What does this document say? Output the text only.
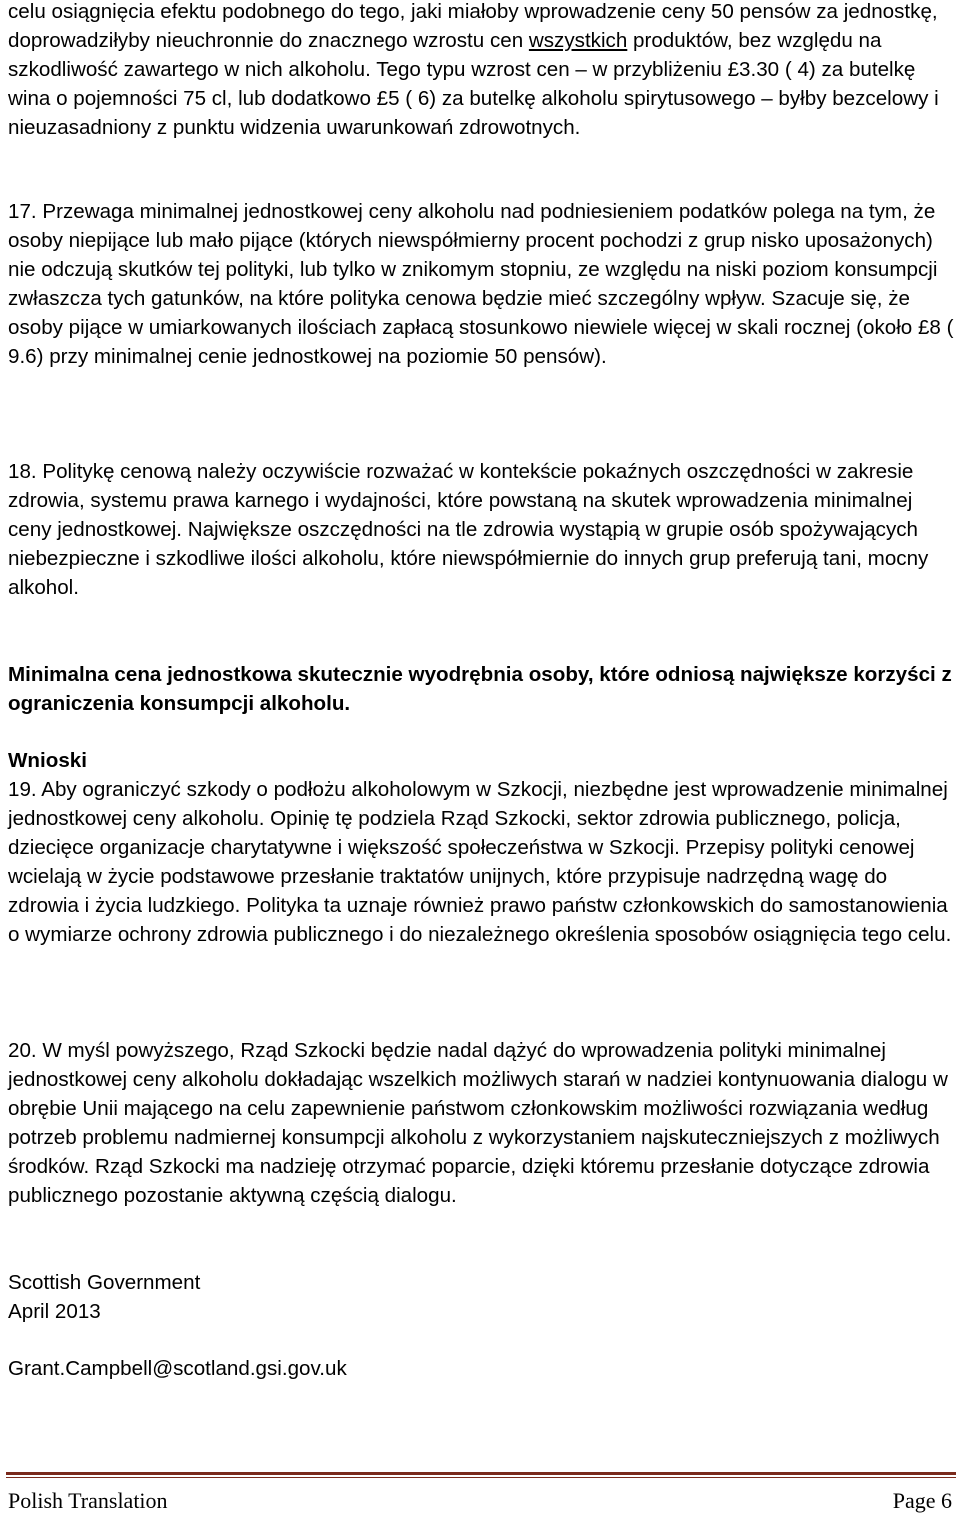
celu osiągnięcia efektu podobnego do tego, jaki miałoby wprowadzenie ceny 50 pensów za jednostkę, doprowadziłyby nieuchronnie do znacznego wzrostu cen wszystkich produktów, bez względu na szkodliwość zawartego w nich alkoholu. Tego typu wzrost cen – w przybliżeniu £3.30 ( 4) za butelkę wina o pojemności 75 cl, lub dodatkowo £5 ( 6) za butelkę alkoholu spirytusowego – byłby bezcelowy i nieuzasadniony z punktu widzenia uwarunkowań zdrowotnych.

17. Przewaga minimalnej jednostkowej ceny alkoholu nad podniesieniem podatków polega na tym, że osoby niepijące lub mało pijące (których niewspółmierny procent pochodzi z grup nisko uposażonych) nie odczują skutków tej polityki, lub tylko w znikomym stopniu, ze względu na niski poziom konsumpcji zwłaszcza tych gatunków, na które polityka cenowa będzie mieć szczególny wpływ. Szacuje się, że osoby pijące w umiarkowanych ilościach zapłacą stosunkowo niewiele więcej w skali rocznej (około £8 ( 9.6) przy minimalnej cenie jednostkowej na poziomie 50 pensów).

18. Politykę cenową należy oczywiście rozważać w kontekście pokaźnych oszczędności w zakresie zdrowia, systemu prawa karnego i wydajności, które powstaną na skutek wprowadzenia minimalnej ceny jednostkowej. Największe oszczędności na tle zdrowia wystąpią w grupie osób spożywających niebezpieczne i szkodliwe ilości alkoholu, które niewspółmiernie do innych grup preferują tani, mocny alkohol.

Minimalna cena jednostkowa skutecznie wyodrębnia osoby, które odniosą największe korzyści z ograniczenia konsumpcji alkoholu.

Wnioski

19. Aby ograniczyć szkody o podłożu alkoholowym w Szkocji, niezbędne jest wprowadzenie minimalnej jednostkowej ceny alkoholu. Opinię tę podziela Rząd Szkocki, sektor zdrowia publicznego, policja, dziecięce organizacje charytatywne i większość społeczeństwa w Szkocji. Przepisy polityki cenowej wcielają w życie podstawowe przesłanie traktatów unijnych, które przypisuje nadrzędną wagę do zdrowia i życia ludzkiego. Polityka ta uznaje również prawo państw członkowskich do samostanowienia o wymiarze ochrony zdrowia publicznego i do niezależnego określenia sposobów osiągnięcia tego celu.

20. W myśl powyższego, Rząd Szkocki będzie nadal dążyć do wprowadzenia polityki minimalnej jednostkowej ceny alkoholu dokładając wszelkich możliwych starań w nadziei kontynuowania dialogu w obrębie Unii mającego na celu zapewnienie państwom członkowskim możliwości rozwiązania według potrzeb problemu nadmiernej konsumpcji alkoholu z wykorzystaniem najskuteczniejszych z możliwych środków. Rząd Szkocki ma nadzieję otrzymać poparcie, dzięki któremu przesłanie dotyczące zdrowia publicznego pozostanie aktywną częścią dialogu.

Scottish Government
April 2013
Grant.Campbell@scotland.gsi.gov.uk
Polish Translation	Page 6
